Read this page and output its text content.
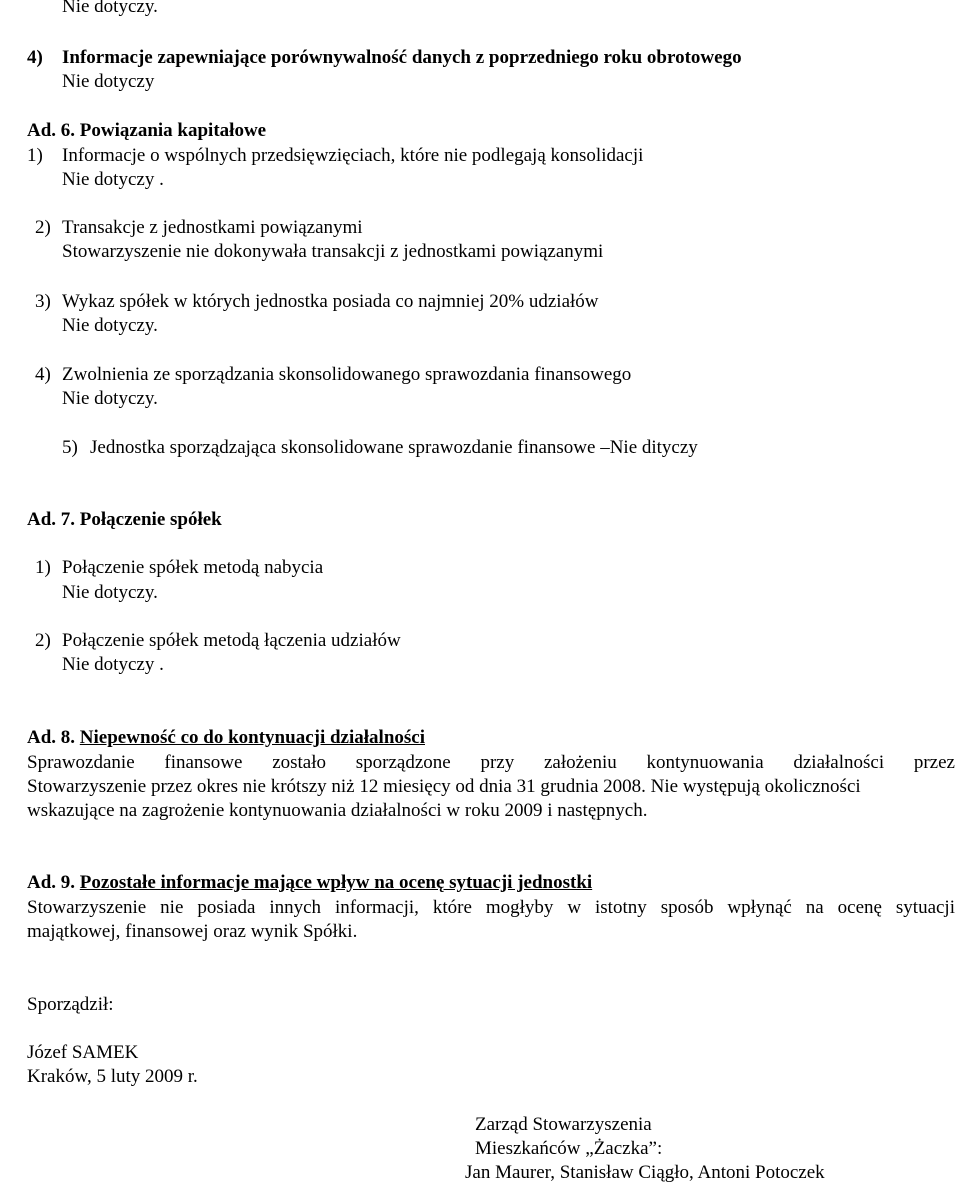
Nie dotyczy.
4) Informacje zapewniające porównywalność danych z poprzedniego roku obrotowego
Nie dotyczy
Ad. 6. Powiązania kapitałowe
1) Informacje o wspólnych przedsięwzięciach, które nie podlegają konsolidacji
Nie dotyczy .
2) Transakcje z jednostkami powiązanymi
Stowarzyszenie nie dokonywała transakcji z jednostkami powiązanymi
3) Wykaz spółek w których jednostka posiada co najmniej 20% udziałów
Nie dotyczy.
4) Zwolnienia ze sporządzania skonsolidowanego sprawozdania finansowego
Nie dotyczy.
5) Jednostka sporządzająca skonsolidowane sprawozdanie finansowe –Nie dityczy
Ad. 7. Połączenie spółek
1) Połączenie spółek metodą nabycia
Nie dotyczy.
2) Połączenie spółek metodą łączenia udziałów
Nie dotyczy .
Ad. 8. Niepewność co do kontynuacji działalności
Sprawozdanie finansowe zostało sporządzone przy założeniu kontynuowania działalności przez
Stowarzyszenie przez okres nie krótszy niż 12 miesięcy od dnia 31 grudnia 2008. Nie występują okoliczności
wskazujące na zagrożenie kontynuowania działalności w roku 2009 i następnych.
Ad. 9. Pozostałe informacje mające wpływ na ocenę sytuacji jednostki
Stowarzyszenie nie posiada innych informacji, które mogłyby w istotny sposób wpłynąć na ocenę sytuacji
majątkowej, finansowej oraz wynik Spółki.
Sporządził:
Józef SAMEK
Kraków, 5 luty 2009 r.
Zarząd Stowarzyszenia
Mieszkańców „Żaczka”:
Jan Maurer, Stanisław Ciągło, Antoni Potoczek
